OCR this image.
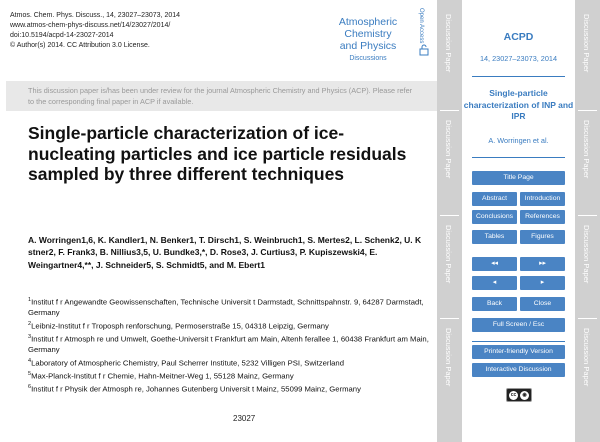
Atmos. Chem. Phys. Discuss., 14, 23027–23073, 2014
www.atmos-chem-phys-discuss.net/14/23027/2014/
doi:10.5194/acpd-14-23027-2014
© Author(s) 2014. CC Attribution 3.0 License.
Atmospheric
Chemistry
and Physics
Discussions
Open Access
This discussion paper is/has been under review for the journal Atmospheric Chemistry and Physics (ACP). Please refer to the corresponding final paper in ACP if available.
Single-particle characterization of ice-nucleating particles and ice particle residuals sampled by three different techniques
A. Worringen1,6, K. Kandler1, N. Benker1, T. Dirsch1, S. Weinbruch1, S. Mertes2, L. Schenk2, U. K stner2, F. Frank3, B. Nillius3,5, U. Bundke3,*, D. Rose3, J. Curtius3, P. Kupiszewski4, E. Weingartner4,**, J. Schneider5, S. Schmidt5, and M. Ebert1
$^1$Institut f r Angewandte Geowissenschaften, Technische Universit t Darmstadt, Schnittspahnstr. 9, 64287 Darmstadt, Germany
$^2$Leibniz-Institut f r Troposph renforschung, Permoserstraße 15, 04318 Leipzig, Germany
$^3$Institut f r Atmosph re und Umwelt, Goethe-Universit t Frankfurt am Main, Altenh ferallee 1, 60438 Frankfurt am Main, Germany
$^4$Laboratory of Atmospheric Chemistry, Paul Scherrer Institute, 5232 Villigen PSI, Switzerland
$^5$Max-Planck-Institut f r Chemie, Hahn-Meitner-Weg 1, 55128 Mainz, Germany
$^6$Institut f r Physik der Atmosph re, Johannes Gutenberg Universit t Mainz, 55099 Mainz, Germany
23027
Discussion Paper
Discussion Paper
Discussion Paper
Discussion Paper
ACPD
14, 23027–23073, 2014
Single-particle characterization of INP and IPR
A. Worringen et al.
Title Page
Abstract	Introduction
Conclusions	References
Tables	Figures
◂◂	▸▸
◂	▸
Back	Close
Full Screen / Esc
Printer-friendly Version
Interactive Discussion
cc	◉
Discussion Paper
Discussion Paper
Discussion Paper
Discussion Paper
